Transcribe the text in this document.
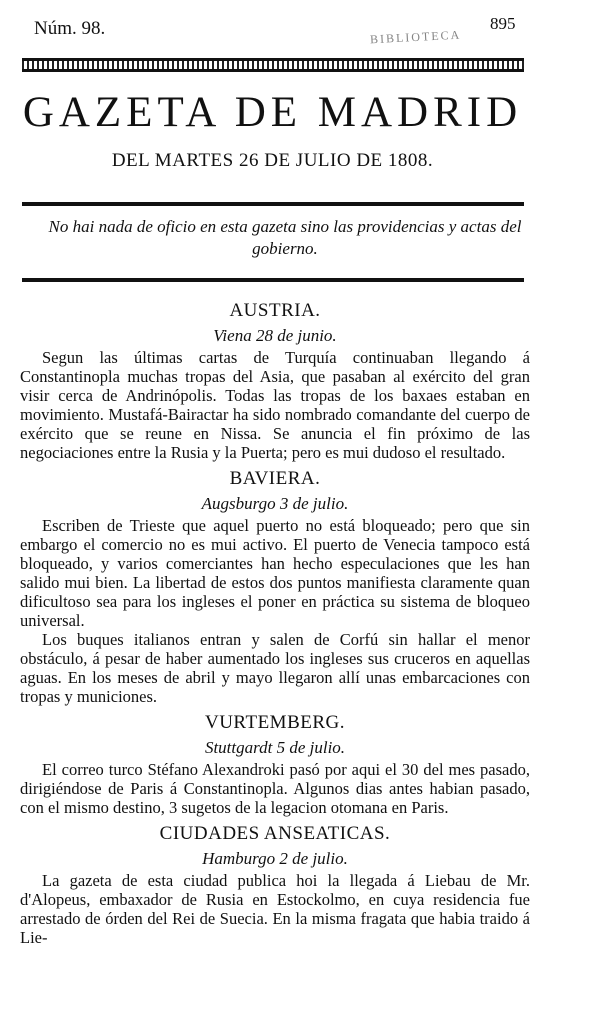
Núm. 98.	895
BIBLIOTECA
GAZETA DE MADRID
DEL MARTES 26 DE JULIO DE 1808.
No hai nada de oficio en esta gazeta sino las providencias y actas del gobierno.

AUSTRIA.

Viena 28 de junio.

Segun las últimas cartas de Turquía continuaban llegando á Constantinopla muchas tropas del Asia, que pasaban al exército del gran visir cerca de Andrinópolis. Todas las tropas de los baxaes estaban en movimiento. Mustafá-Bairactar ha sido nombrado comandante del cuerpo de exército que se reune en Nissa. Se anuncia el fin próximo de las negociaciones entre la Rusia y la Puerta; pero es mui dudoso el resultado.

BAVIERA.

Augsburgo 3 de julio.

Escriben de Trieste que aquel puerto no está bloqueado; pero que sin embargo el comercio no es mui activo. El puerto de Venecia tampoco está bloqueado, y varios comerciantes han hecho especulaciones que les han salido mui bien. La libertad de estos dos puntos manifiesta claramente quan dificultoso sea para los ingleses el poner en práctica su sistema de bloqueo universal.

Los buques italianos entran y salen de Corfú sin hallar el menor obstáculo, á pesar de haber aumentado los ingleses sus cruceros en aquellas aguas. En los meses de abril y mayo llegaron allí unas embarcaciones con tropas y municiones.

VURTEMBERG.

Stuttgardt 5 de julio.

El correo turco Stéfano Alexandroki pasó por aqui el 30 del mes pasado, dirigiéndose de Paris á Constantinopla. Algunos dias antes habian pasado, con el mismo destino, 3 sugetos de la legacion otomana en Paris.

CIUDADES ANSEATICAS.

Hamburgo 2 de julio.

La gazeta de esta ciudad publica hoi la llegada á Liebau de Mr. d'Alopeus, embaxador de Rusia en Estockolmo, en cuya residencia fue arrestado de órden del Rei de Suecia. En la misma fragata que habia traido á Lie-
